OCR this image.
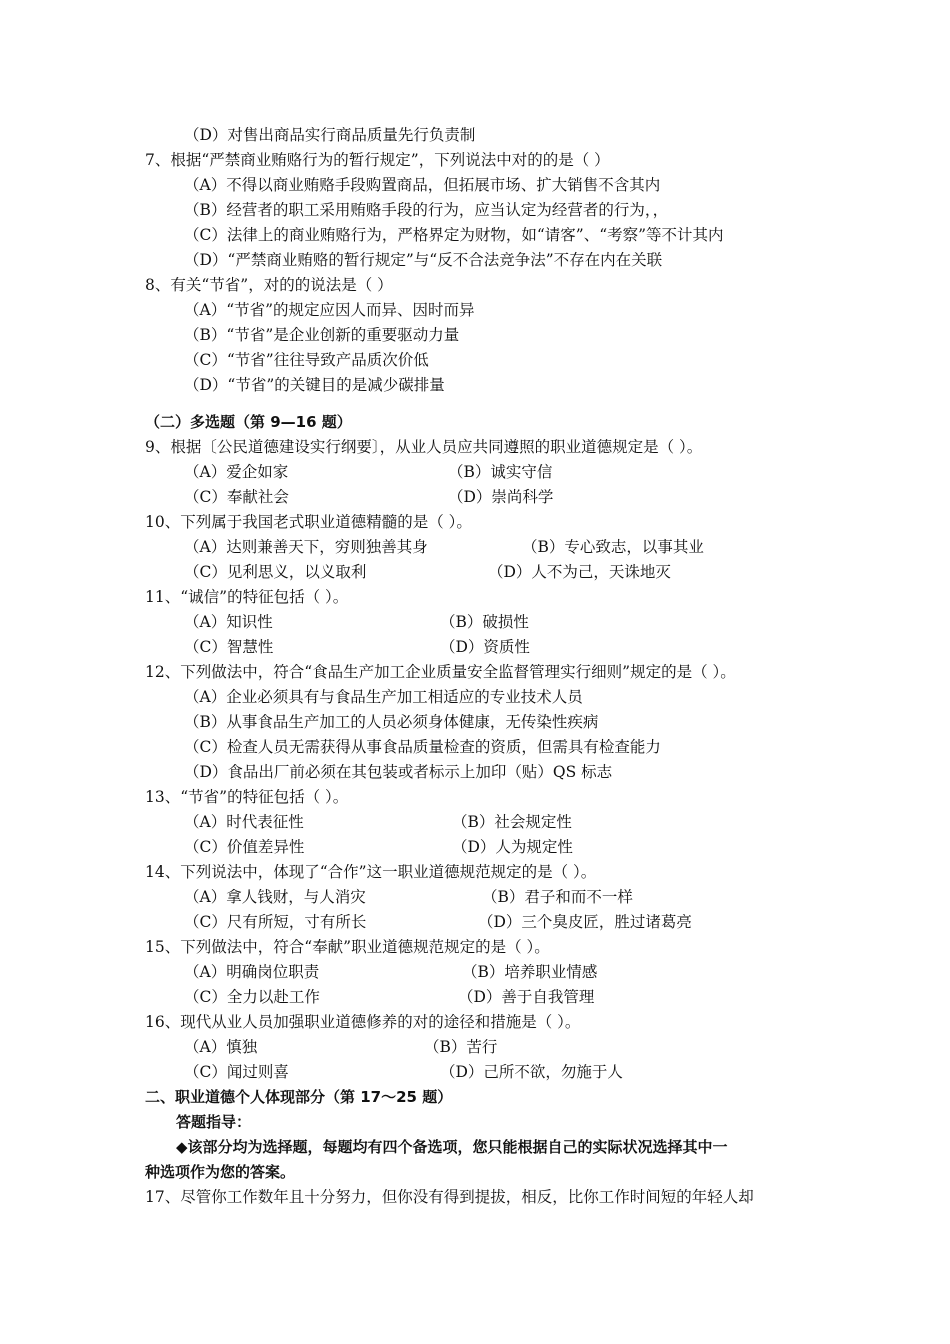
（D）对售出商品实行商品质量先行负责制
7、根据“严禁商业贿赂行为的暂行规定”，下列说法中对的的是（ ）
（A）不得以商业贿赂手段购置商品，但拓展市场、扩大销售不含其内
（B）经营者的职工采用贿赂手段的行为，应当认定为经营者的行为，，
（C）法律上的商业贿赂行为，严格界定为财物，如“请客”、“考察”等不计其内
（D）“严禁商业贿赂的暂行规定”与“反不合法竞争法”不存在内在关联
8、有关“节省”，对的的说法是（ ）
（A）“节省”的规定应因人而异、因时而异
（B）“节省”是企业创新的重要驱动力量
（C）“节省”往往导致产品质次价低
（D）“节省”的关键目的是减少碳排量
（二）多选题（第 9—16 题）
9、根据〔公民道德建设实行纲要〕，从业人员应共同遵照的职业道德规定是（ ）。
（A）爱企如家	（B）诚实守信
（C）奉献社会	（D）崇尚科学
10、下列属于我国老式职业道德精髓的是（ ）。
（A）达则兼善天下，穷则独善其身	（B）专心致志，以事其业
（C）见利思义，以义取利	（D）人不为己，天诛地灭
11、“诚信”的特征包括（ ）。
（A）知识性	（B）破损性
（C）智慧性	（D）资质性
12、下列做法中，符合“食品生产加工企业质量安全监督管理实行细则”规定的是（ ）。
（A）企业必须具有与食品生产加工相适应的专业技术人员
（B）从事食品生产加工的人员必须身体健康，无传染性疾病
（C）检查人员无需获得从事食品质量检查的资质，但需具有检查能力
（D）食品出厂前必须在其包装或者标示上加印（贴）QS 标志
13、“节省”的特征包括（ ）。
（A）时代表征性	（B）社会规定性
（C）价值差异性	（D）人为规定性
14、下列说法中，体现了“合作”这一职业道德规范规定的是（ ）。
（A）拿人钱财，与人消灾	（B）君子和而不一样
（C）尺有所短，寸有所长	（D）三个臭皮匠，胜过诸葛亮
15、下列做法中，符合“奉献”职业道德规范规定的是（ ）。
（A）明确岗位职责	（B）培养职业情感
（C）全力以赴工作	（D）善于自我管理
16、现代从业人员加强职业道德修养的对的途径和措施是（ ）。
（A）慎独	（B）苦行
（C）闻过则喜	（D）己所不欲，勿施于人
二、职业道德个人体现部分（第 17～25 题）
答题指导：
◆该部分均为选择题，每题均有四个备选项，您只能根据自己的实际状况选择其中一
种选项作为您的答案。
17、尽管你工作数年且十分努力，但你没有得到提拔，相反，比你工作时间短的年轻人却
